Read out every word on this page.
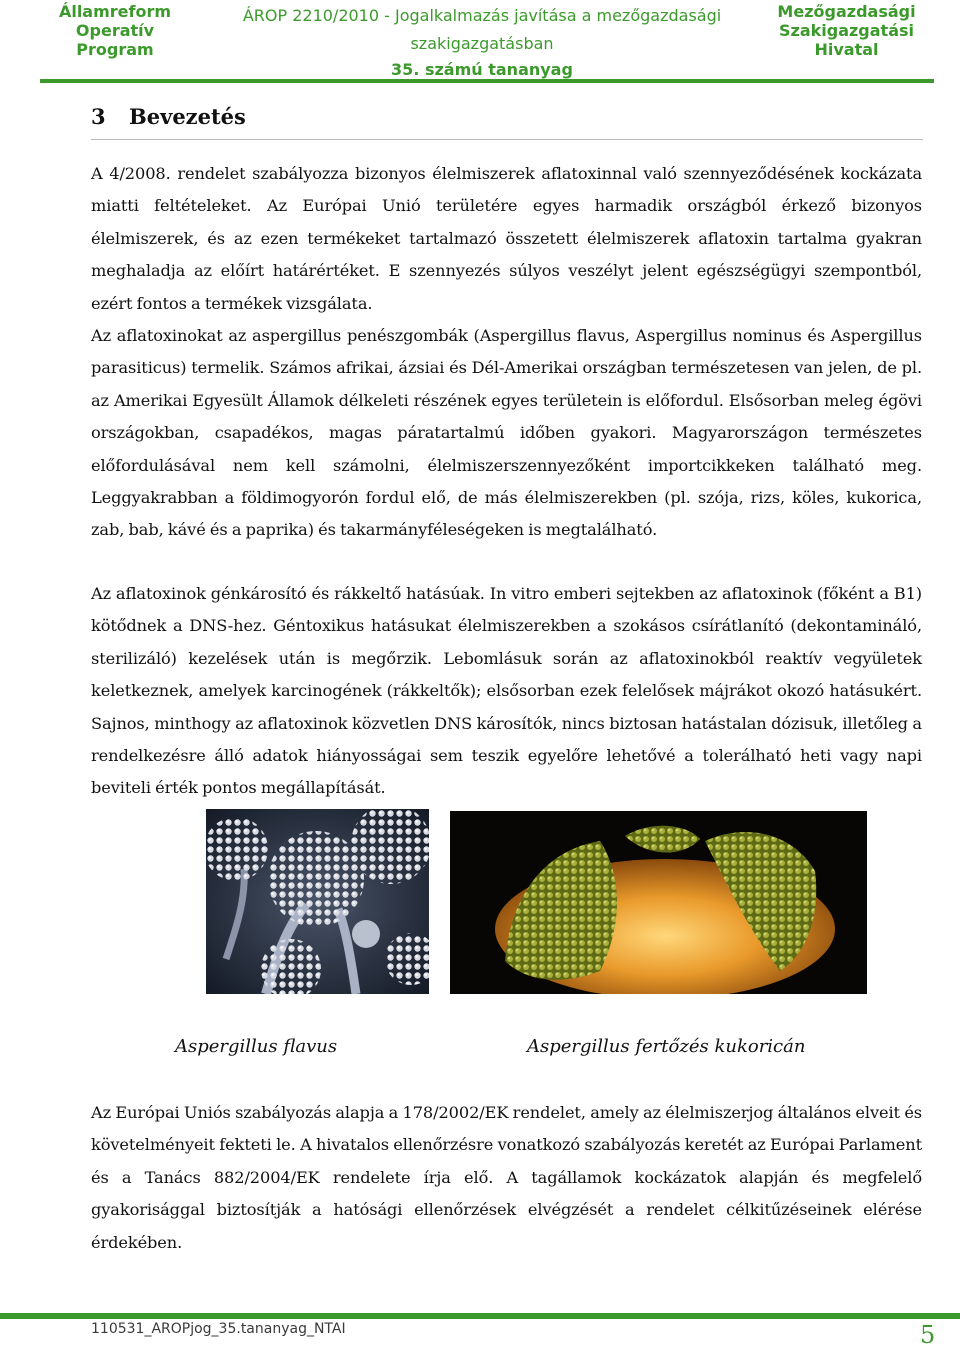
Államreform Operatív Program
ÁROP 2210/2010 - Jogalkalmazás javítása a mezőgazdasági szakigazgatásban
35. számú tananyag
Mezőgazdasági Szakigazgatási Hivatal
3 Bevezetés

A 4/2008. rendelet szabályozza bizonyos élelmiszerek aflatoxinnal való szennyeződésének kockázata miatti feltételeket. Az Európai Unió területére egyes harmadik országból érkező bizonyos élelmiszerek, és az ezen termékeket tartalmazó összetett élelmiszerek aflatoxin tartalma gyakran meghaladja az előírt határértéket. E szennyezés súlyos veszélyt jelent egészségügyi szempontból, ezért fontos a termékek vizsgálata.

Az aflatoxinokat az aspergillus penészgombák (Aspergillus flavus, Aspergillus nominus és Aspergillus parasiticus) termelik. Számos afrikai, ázsiai és Dél-Amerikai országban természetesen van jelen, de pl. az Amerikai Egyesült Államok délkeleti részének egyes területein is előfordul. Elsősorban meleg égövi országokban, csapadékos, magas páratartalmú időben gyakori. Magyarországon természetes előfordulásával nem kell számolni, élelmiszerszennyezőként importcikkeken található meg. Leggyakrabban a földimogyorón fordul elő, de más élelmiszerekben (pl. szója, rizs, köles, kukorica, zab, bab, kávé és a paprika) és takarmányféleségeken is megtalálható.

Az aflatoxinok génkárosító és rákkeltő hatásúak. In vitro emberi sejtekben az aflatoxinok (főként a B1) kötődnek a DNS-hez. Géntoxikus hatásukat élelmiszerekben a szokásos csírátlanító (dekontamináló, sterilizáló) kezelések után is megőrzik. Lebomlásuk során az aflatoxinokból reaktív vegyületek keletkeznek, amelyek karcinogének (rákkeltők); elsősorban ezek felelősek májrákot okozó hatásukért. Sajnos, minthogy az aflatoxinok közvetlen DNS károsítók, nincs biztosan hatástalan dózisuk, illetőleg a rendelkezésre álló adatok hiányosságai sem teszik egyelőre lehetővé a tolerálható heti vagy napi beviteli érték pontos megállapítását.

Aspergillus flavus	Aspergillus fertőzés kukoricán

Az Európai Uniós szabályozás alapja a 178/2002/EK rendelet, amely az élelmiszerjog általános elveit és követelményeit fekteti le. A hivatalos ellenőrzésre vonatkozó szabályozás keretét az Európai Parlament és a Tanács 882/2004/EK rendelete írja elő. A tagállamok kockázatok alapján és megfelelő gyakorisággal biztosítják a hatósági ellenőrzések elvégzését a rendelet célkitűzéseinek elérése érdekében.

110531_AROPjog_35.tananyag_NTAI	5
